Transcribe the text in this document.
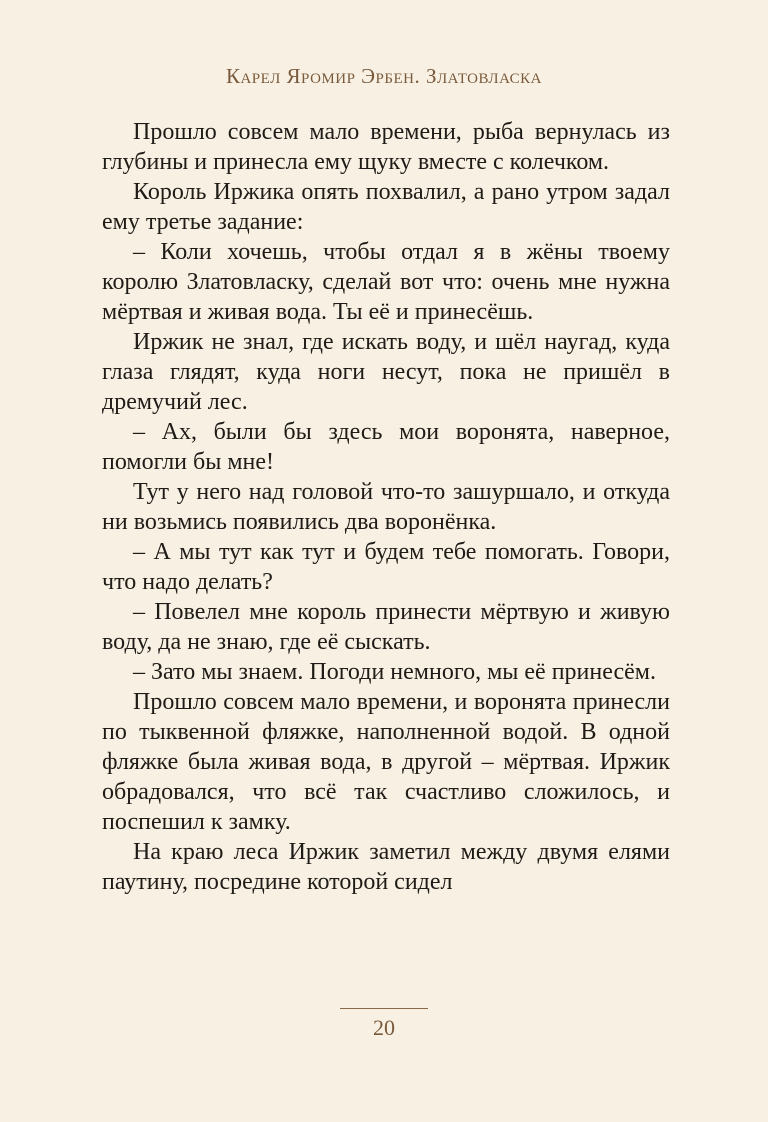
Карел Яромир Эрбен. Златовласка

Прошло совсем мало времени, рыба вернулась из глубины и принесла ему щуку вместе с колечком.

Король Иржика опять похвалил, а рано утром задал ему третье задание:

– Коли хочешь, чтобы отдал я в жёны твоему королю Златовласку, сделай вот что: очень мне нужна мёртвая и живая вода. Ты её и принесёшь.

Иржик не знал, где искать воду, и шёл наугад, куда глаза глядят, куда ноги несут, пока не пришёл в дремучий лес.

– Ах, были бы здесь мои воронята, наверное, помогли бы мне!

Тут у него над головой что-то зашуршало, и откуда ни возьмись появились два воронёнка.

– А мы тут как тут и будем тебе помогать. Говори, что надо делать?

– Повелел мне король принести мёртвую и живую воду, да не знаю, где её сыскать.

– Зато мы знаем. Погоди немного, мы её принесём.

Прошло совсем мало времени, и воронята принесли по тыквенной фляжке, наполненной водой. В одной фляжке была живая вода, в другой – мёртвая. Иржик обрадовался, что всё так счастливо сложилось, и поспешил к замку.

На краю леса Иржик заметил между двумя елями паутину, посредине которой сидел

20
